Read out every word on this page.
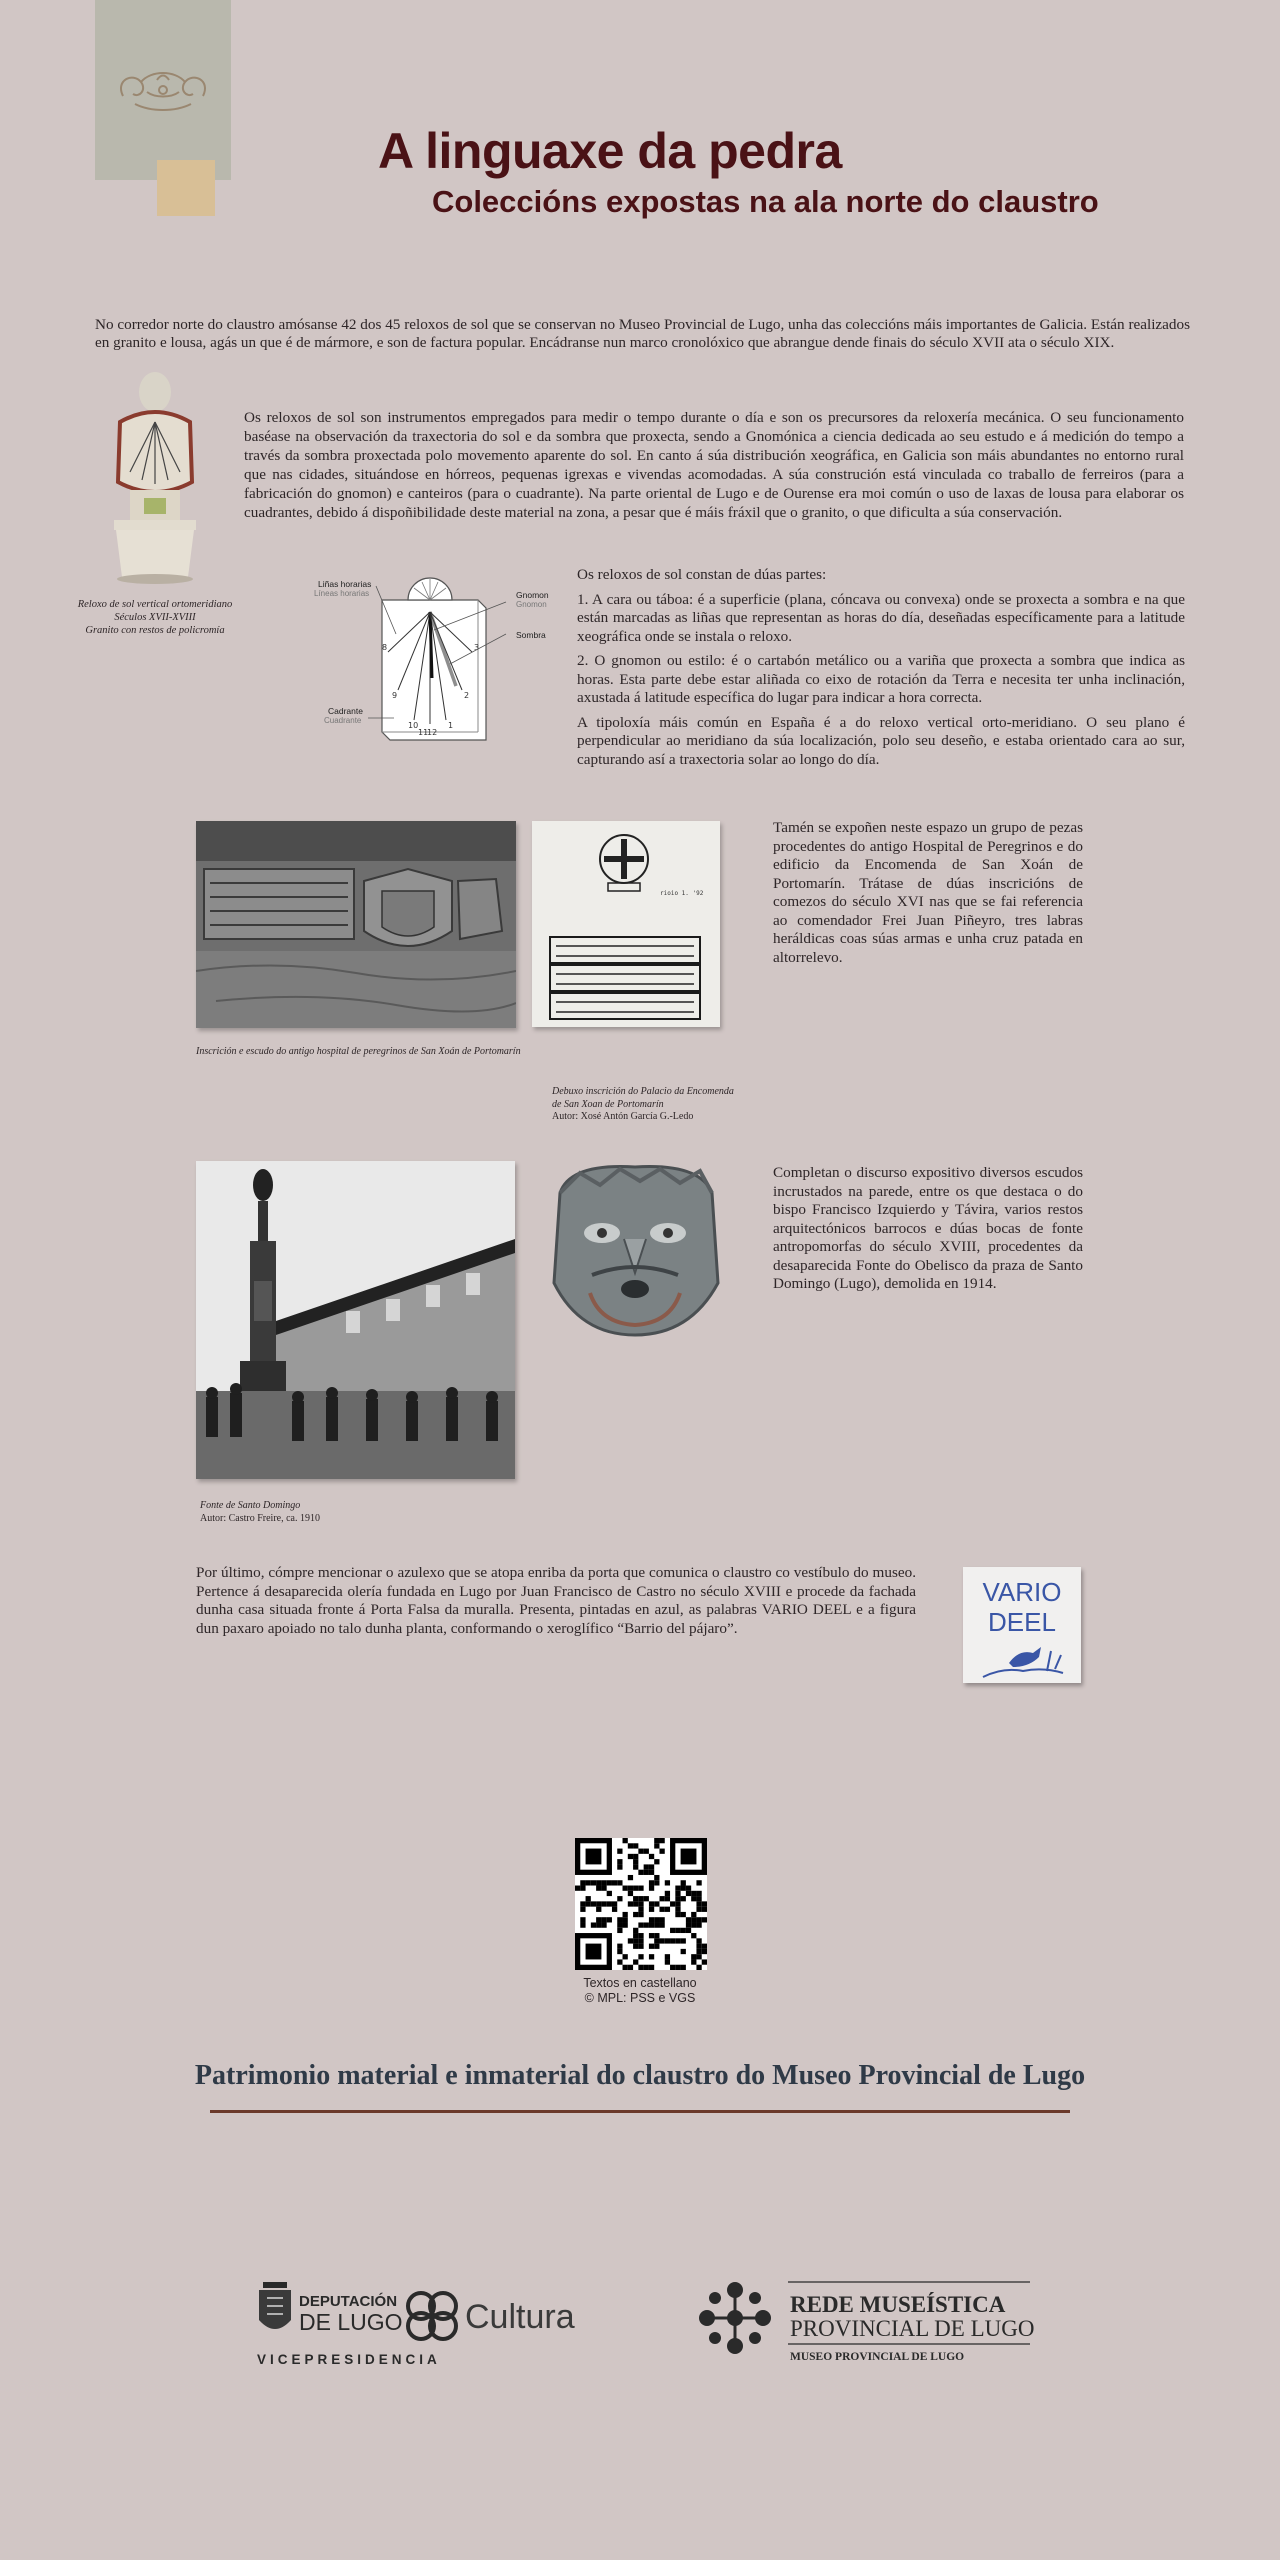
A linguaxe da pedra
Coleccións expostas na ala norte do claustro

No corredor norte do claustro amósanse 42 dos 45 reloxos de sol que se conservan no Museo Provincial de Lugo, unha das coleccións máis importantes de Galicia. Están realizados en granito e lousa, agás un que é de mármore, e son de factura popular. Encádranse nun marco cronolóxico que abrangue dende finais do século XVII ata o século XIX.

Reloxo de sol vertical ortomeridiano
Séculos XVII-XVIII
Granito con restos de policromía

Os reloxos de sol son instrumentos empregados para medir o tempo durante o día e son os precursores da reloxería mecánica. O seu funcionamento baséase na observación da traxectoria do sol e da sombra que proxecta, sendo a Gnomónica a ciencia dedicada ao seu estudo e á medición do tempo a través da sombra proxectada polo movemento aparente do sol. En canto á súa distribución xeográfica, en Galicia son máis abundantes no entorno rural que nas cidades, situándose en hórreos, pequenas igrexas e vivendas acomodadas. A súa construción está vinculada co traballo de ferreiros (para a fabricación do gnomon) e canteiros (para o cuadrante). Na parte oriental de Lugo e de Ourense era moi común o uso de laxas de lousa para elaborar os cuadrantes, debido á dispoñibilidade deste material na zona, a pesar que é máis fráxil que o granito, o que dificulta a súa conservación.

8
9
10
11
12
1
2
3
Liñas horarias
Líneas horarias	Gnomon
Gnomon
Sombra
Cadrante
Cuadrante

Os reloxos de sol constan de dúas partes:

1. A cara ou táboa: é a superficie (plana, cóncava ou convexa) onde se proxecta a sombra e na que están marcadas as liñas que representan as horas do día, deseñadas específicamente para a latitude xeográfica onde se instala o reloxo.

2. O gnomon ou estilo: é o cartabón metálico ou a variña que proxecta a sombra que indica as horas. Esta parte debe estar aliñada co eixo de rotación da Terra e necesita ter unha inclinación, axustada á latitude específica do lugar para indicar a hora correcta.

A tipoloxía máis común en España é a do reloxo vertical orto-meridiano. O seu plano é perpendicular ao meridiano da súa localización, polo seu deseño, e estaba orientado cara ao sur, capturando así a traxectoria solar ao longo do día.

Inscrición e escudo do antigo hospital de peregrinos de San Xoán de Portomarín
rioio 1. '92
Debuxo inscrición do Palacio da Encomenda
de San Xoan de Portomarín
Autor: Xosé Antón García G.-Ledo

Tamén se expoñen neste espazo un grupo de pezas procedentes do antigo Hospital de Peregrinos e do edificio da Encomenda de San Xoán de Portomarín. Trátase de dúas inscricións de comezos do século XVI nas que se fai referencia ao comendador Frei Juan Piñeyro, tres labras heráldicas coas súas armas e unha cruz patada en altorrelevo.

Fonte de Santo Domingo
Autor: Castro Freire, ca. 1910

Completan o discurso expositivo diversos escudos incrustados na parede, entre os que destaca o do bispo Francisco Izquierdo y Távira, varios restos arquitectónicos barrocos e dúas bocas de fonte antropomorfas do século XVIII, procedentes da desaparecida Fonte do Obelisco da praza de Santo Domingo (Lugo), demolida en 1914.

Por último, cómpre mencionar o azulexo que se atopa enriba da porta que comunica o claustro co vestíbulo do museo. Pertence á desaparecida olería fundada en Lugo por Juan Francisco de Castro no século XVIII e procede da fachada dunha casa situada fronte á Porta Falsa da muralla. Presenta, pintadas en azul, as palabras VARIO DEEL e a figura dun paxaro apoiado no talo dunha planta, conformando o xeroglífico “Barrio del pájaro”.

VARIO
DEEL
Textos en castellano
© MPL: PSS e VGS
Patrimonio material e inmaterial do claustro do Museo Provincial de Lugo
DEPUTACIÓN
DE LUGO Cultura
VICEPRESIDENCIA
REDE MUSEÍSTICA
PROVINCIAL DE LUGO
MUSEO PROVINCIAL DE LUGO
